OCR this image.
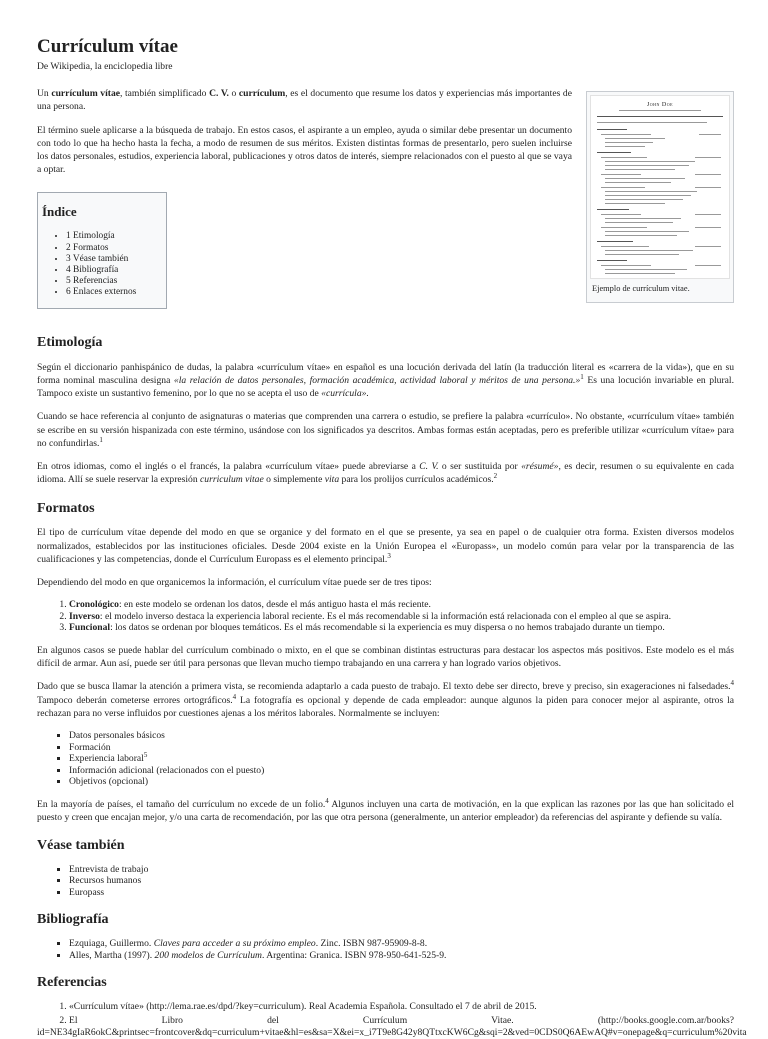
Currículum vítae
De Wikipedia, la enciclopedia libre
John Doe
Ejemplo de currículum vitae.

Un currículum vítae, también simplificado C. V. o currículum, es el documento que resume los datos y experiencias más importantes de una persona.

El término suele aplicarse a la búsqueda de trabajo. En estos casos, el aspirante a un empleo, ayuda o similar debe presentar un documento con todo lo que ha hecho hasta la fecha, a modo de resumen de sus méritos. Existen distintas formas de presentarlo, pero suelen incluirse los datos personales, estudios, experiencia laboral, publicaciones y otros datos de interés, siempre relacionados con el puesto al que se vaya a optar.

Índice
• 1 Etimología
• 2 Formatos
• 3 Véase también
• 4 Bibliografía
• 5 Referencias
• 6 Enlaces externos
Etimología

Según el diccionario panhispánico de dudas, la palabra «currículum vítae» en español es una locución derivada del latín (la traducción literal es «carrera de la vida»), que en su forma nominal masculina designa «la relación de datos personales, formación académica, actividad laboral y méritos de una persona.»$^1$ Es una locución invariable en plural. Tampoco existe un sustantivo femenino, por lo que no se acepta el uso de «currícula».

Cuando se hace referencia al conjunto de asignaturas o materias que comprenden una carrera o estudio, se prefiere la palabra «currículo». No obstante, «currículum vítae» también se escribe en su versión hispanizada con este término, usándose con los significados ya descritos. Ambas formas están aceptadas, pero es preferible utilizar «currículum vítae» para no confundirlas.$^1$

En otros idiomas, como el inglés o el francés, la palabra «currículum vítae» puede abreviarse a C. V. o ser sustituida por «résumé», es decir, resumen o su equivalente en cada idioma. Allí se suele reservar la expresión curriculum vitae o simplemente vita para los prolijos currículos académicos.$^2$

Formatos

El tipo de currículum vítae depende del modo en que se organice y del formato en el que se presente, ya sea en papel o de cualquier otra forma. Existen diversos modelos normalizados, establecidos por las instituciones oficiales. Desde 2004 existe en la Unión Europea el «Europass», un modelo común para velar por la transparencia de las cualificaciones y las competencias, donde el Currículum Europass es el elemento principal.$^3$

Dependiendo del modo en que organicemos la información, el currículum vítae puede ser de tres tipos:

1. Cronológico: en este modelo se ordenan los datos, desde el más antiguo hasta el más reciente.
2. Inverso: el modelo inverso destaca la experiencia laboral reciente. Es el más recomendable si la información está relacionada con el empleo al que se aspira.
3. Funcional: los datos se ordenan por bloques temáticos. Es el más recomendable si la experiencia es muy dispersa o no hemos trabajado durante un tiempo.

En algunos casos se puede hablar del currículum combinado o mixto, en el que se combinan distintas estructuras para destacar los aspectos más positivos. Este modelo es el más difícil de armar. Aun así, puede ser útil para personas que llevan mucho tiempo trabajando en una carrera y han logrado varios objetivos.

Dado que se busca llamar la atención a primera vista, se recomienda adaptarlo a cada puesto de trabajo. El texto debe ser directo, breve y preciso, sin exageraciones ni falsedades.$^4$ Tampoco deberán cometerse errores ortográficos.$^4$ La fotografía es opcional y depende de cada empleador: aunque algunos la piden para conocer mejor al aspirante, otros la rechazan para no verse influidos por cuestiones ajenas a los méritos laborales. Normalmente se incluyen:

▪ Datos personales básicos
▪ Formación
▪ Experiencia laboral$^5$
▪ Información adicional (relacionados con el puesto)
▪ Objetivos (opcional)

En la mayoría de países, el tamaño del currículum no excede de un folio.$^4$ Algunos incluyen una carta de motivación, en la que explican las razones por las que han solicitado el puesto y creen que encajan mejor, y/o una carta de recomendación, por las que otra persona (generalmente, un anterior empleador) da referencias del aspirante y defiende su valía.

Véase también
▪ Entrevista de trabajo
▪ Recursos humanos
▪ Europass
Bibliografía
▪ Ezquiaga, Guillermo. Claves para acceder a su próximo empleo. Zinc. ISBN 987-95909-8-8.
▪ Alles, Martha (1997). 200 modelos de Currículum. Argentina: Granica. ISBN 978-950-641-525-9.
Referencias
1. «Currículum vítae» (http://lema.rae.es/dpd/?key=curriculum). Real Academia Española. Consultado el 7 de abril de 2015.
2. El Libro del Currículum Vitae. (http://books.google.com.ar/books?
id=NE34gIaR6okC&printsec=frontcover&dq=curriculum+vitae&hl=es&sa=X&ei=x_i7T9e8G42y8QTtxcKW6Cg&sqi=2&ved=0CDS0Q6AEwAQ#v=onepage&q=curriculum%20vita
